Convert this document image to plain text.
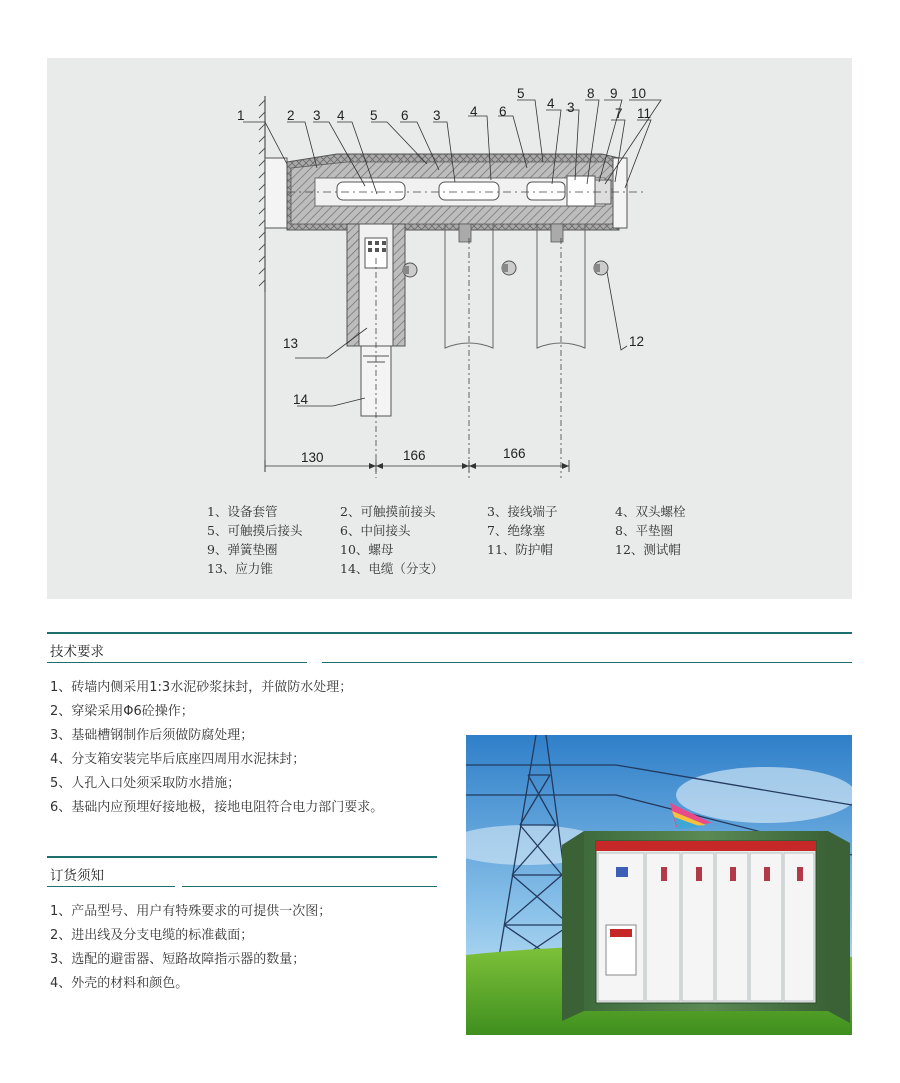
1	2 3 4 5 6 3 4 6
5
4 3
8 9 10
7 11
12
13
14
130	166	166
1、设备套管	2、可触摸前接头	3、接线端子	4、双头螺栓
5、可触摸后接头	6、中间接头	7、绝缘塞	8、平垫圈
9、弹簧垫圈	10、螺母	11、防护帽	12、测试帽
13、应力锥	14、电缆（分支）
技术要求
1、砖墙内侧采用1:3水泥砂浆抹封，并做防水处理；
2、穿梁采用Φ6砼操作；
3、基础槽钢制作后须做防腐处理；
4、分支箱安装完毕后底座四周用水泥抹封；
5、人孔入口处须采取防水措施；
6、基础内应预埋好接地极，接地电阻符合电力部门要求。
订货须知
1、产品型号、用户有特殊要求的可提供一次图；
2、进出线及分支电缆的标准截面；
3、选配的避雷器、短路故障指示器的数量；
4、外壳的材料和颜色。
